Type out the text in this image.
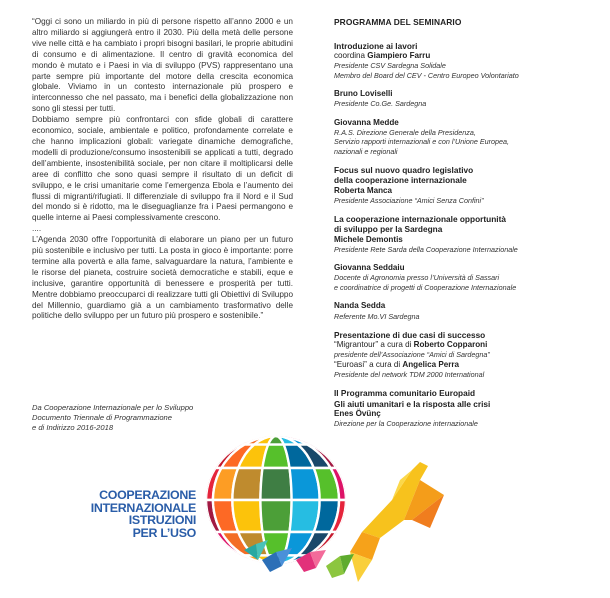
“Oggi ci sono un miliardo in più di persone rispetto all’anno 2000 e un altro miliardo si aggiungerà entro il 2030. Più della metà delle persone vive nelle città e ha cambiato i propri bisogni basilari, le proprie abitudini di consumo e di alimentazione. Il centro di gravità economica del mondo è mutato e i Paesi in via di sviluppo (PVS) rappresentano una parte sempre più importante del motore della crescita economica globale. Viviamo in un contesto internazionale più prospero e interconnesso che nel passato, ma i benefici della globalizzazione non sono gli stessi per tutti.

Dobbiamo sempre più confrontarci con sfide globali di carattere economico, sociale, ambientale e politico, profondamente correlate e che hanno implicazioni globali: variegate dinamiche demografiche, modelli di produzione/consumo insostenibili se applicati a tutti, degrado dell’ambiente, insostenibilità sociale, per non citare il moltiplicarsi delle aree di conflitto che sono quasi sempre il risultato di un deficit di sviluppo, e le crisi umanitarie come l’emergenza Ebola e l’aumento dei flussi di migranti/rifugiati. Il differenziale di sviluppo fra il Nord e il Sud del mondo si è ridotto, ma le diseguaglianze fra i Paesi permangono e quelle interne ai Paesi complessivamente crescono.

....

L’Agenda 2030 offre l’opportunità di elaborare un piano per un futuro più sostenibile e inclusivo per tutti. La posta in gioco è importante: porre termine alla povertà e alla fame, salvaguardare la natura, l’ambiente e le risorse del pianeta, costruire società democratiche e stabili, eque e inclusive, garantire opportunità di benessere e prosperità per tutti. Mentre dobbiamo preoccuparci di realizzare tutti gli Obiettivi di Sviluppo del Millennio, guardiamo già a un cambiamento trasformativo delle politiche dello sviluppo per un futuro più prospero e sostenibile.”

Da Cooperazione Internazionale per lo Sviluppo
Documento Triennale di Programmazione
e di Indirizzo 2016-2018
PROGRAMMA DEL SEMINARIO
Introduzione ai lavori
coordina Giampiero Farru
Presidente CSV Sardegna Solidale
Membro del Board del CEV - Centro Europeo Volontariato
Bruno Loviselli
Presidente Co.Ge. Sardegna
Giovanna Medde
R.A.S. Direzione Generale della Presidenza,
Servizio rapporti internazionali e con l’Unione Europea,
nazionali e regionali
Focus sul nuovo quadro legislativo
della cooperazione internazionale
Roberta Manca
Presidente Associazione “Amici Senza Confini”
La cooperazione internazionale opportunità
di sviluppo per la Sardegna
Michele Demontis
Presidente Rete Sarda della Cooperazione Internazionale
Giovanna Seddaiu
Docente di Agronomia presso l’Università di Sassari
e coordinatrice di progetti di Cooperazione Internazionale
Nanda Sedda
Referente Mo.VI Sardegna
Presentazione di due casi di successo
“Migrantour” a cura di Roberto Copparoni
presidente dell’Associazione “Amici di Sardegna”
“Euroasi” a cura di Angelica Perra
Presidente del network TDM 2000 International
Il Programma comunitario Europaid
Gli aiuti umanitari e la risposta alle crisi
Enes Övünç
Direzione per la Cooperazione internazionale
COOPERAZIONE
INTERNAZIONALE
ISTRUZIONI
PER L’USO
